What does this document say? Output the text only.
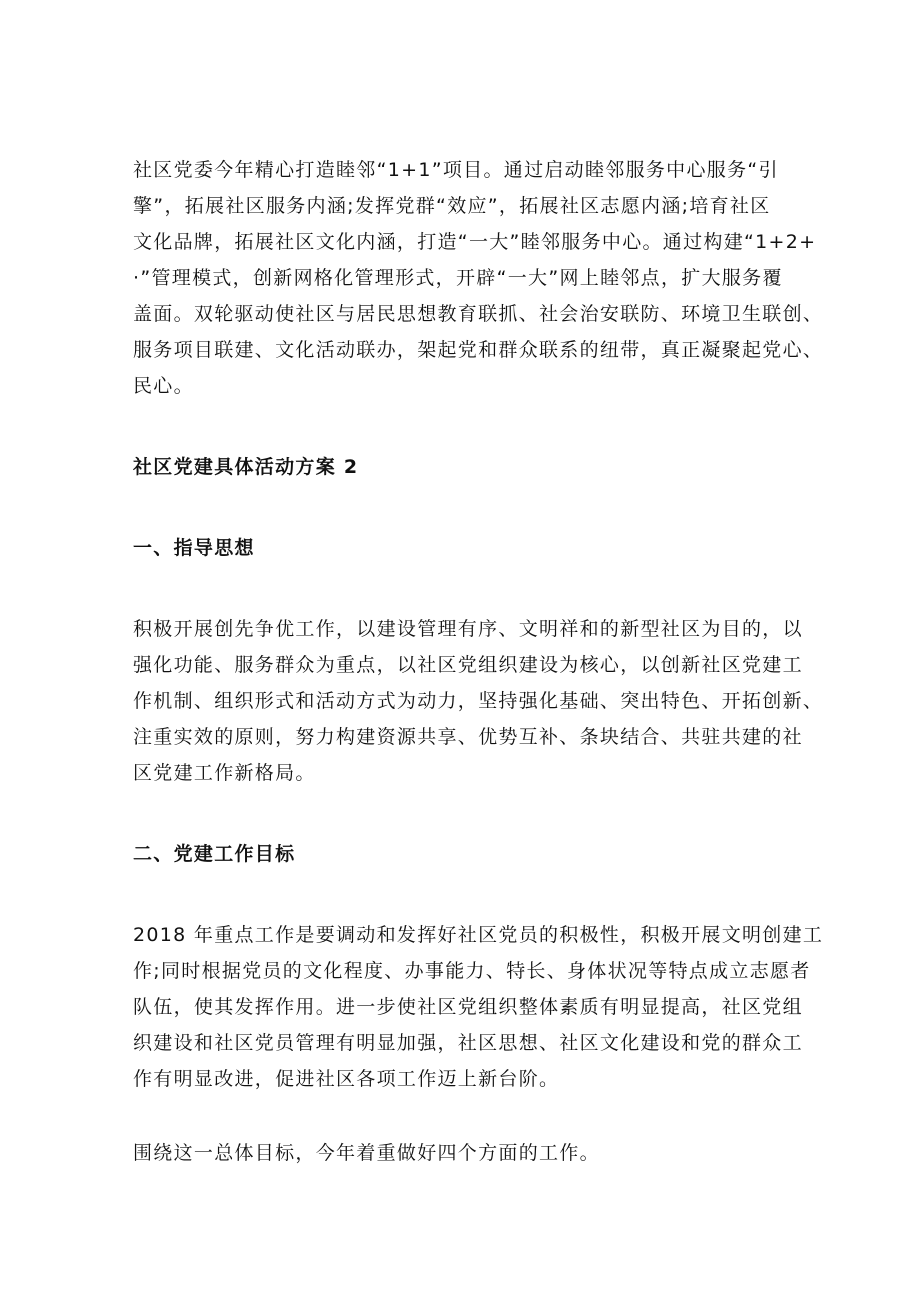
社区党委今年精心打造睦邻“1+1”项目。通过启动睦邻服务中心服务“引
擎”，拓展社区服务内涵;发挥党群“效应”，拓展社区志愿内涵;培育社区
文化品牌，拓展社区文化内涵，打造“一大”睦邻服务中心。通过构建“1+2+
·”管理模式，创新网格化管理形式，开辟“一大”网上睦邻点，扩大服务覆
盖面。双轮驱动使社区与居民思想教育联抓、社会治安联防、环境卫生联创、
服务项目联建、文化活动联办，架起党和群众联系的纽带，真正凝聚起党心、
民心。

社区党建具体活动方案 2
一、指导思想

积极开展创先争优工作，以建设管理有序、文明祥和的新型社区为目的，以
强化功能、服务群众为重点，以社区党组织建设为核心，以创新社区党建工
作机制、组织形式和活动方式为动力，坚持强化基础、突出特色、开拓创新、
注重实效的原则，努力构建资源共享、优势互补、条块结合、共驻共建的社
区党建工作新格局。

二、党建工作目标

2018 年重点工作是要调动和发挥好社区党员的积极性，积极开展文明创建工
作;同时根据党员的文化程度、办事能力、特长、身体状况等特点成立志愿者
队伍，使其发挥作用。进一步使社区党组织整体素质有明显提高，社区党组
织建设和社区党员管理有明显加强，社区思想、社区文化建设和党的群众工
作有明显改进，促进社区各项工作迈上新台阶。

围绕这一总体目标，今年着重做好四个方面的工作。
